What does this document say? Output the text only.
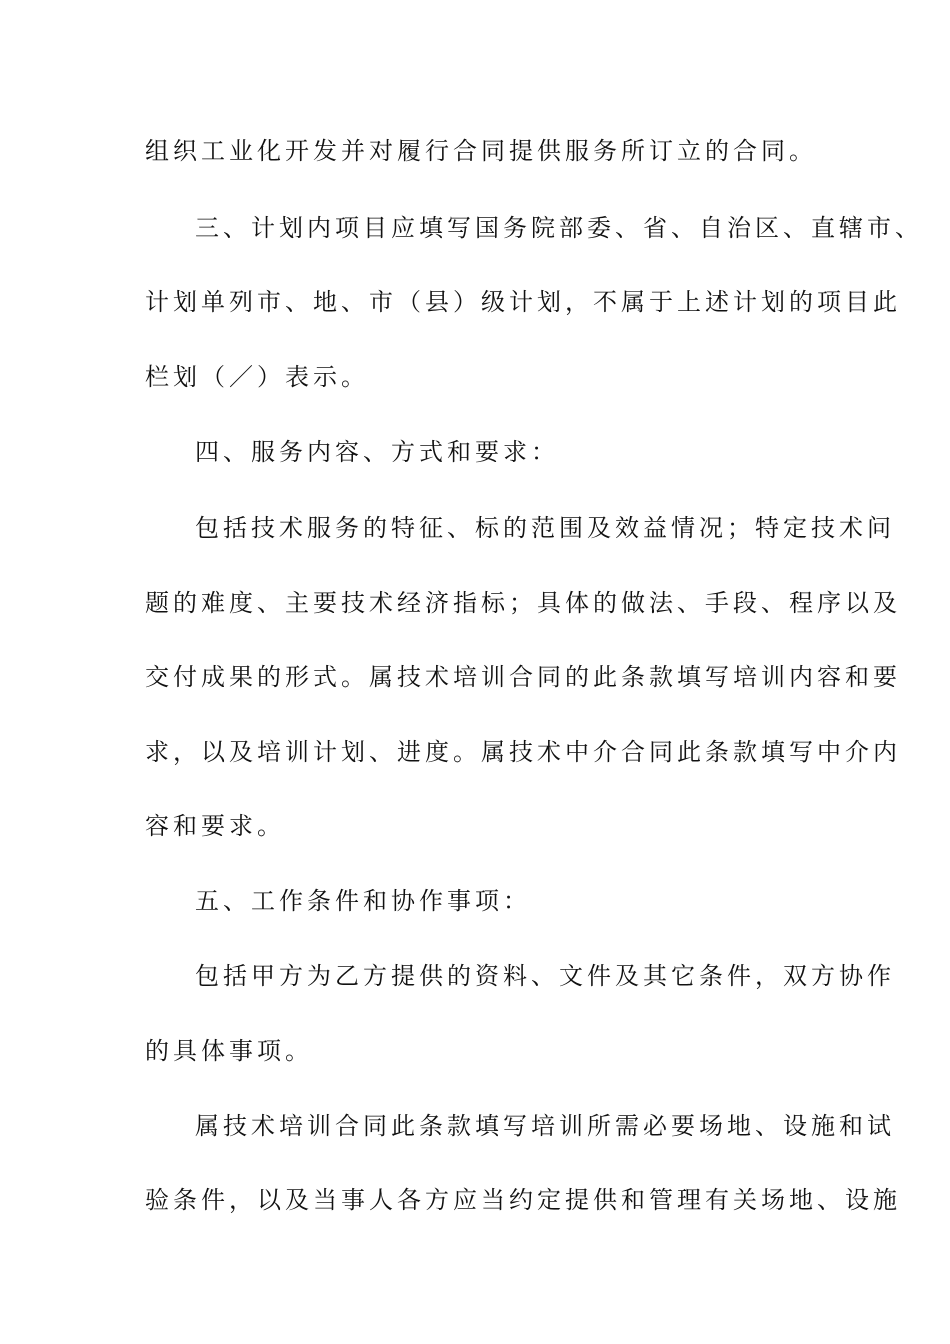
组织工业化开发并对履行合同提供服务所订立的合同。
三、计划内项目应填写国务院部委、省、自治区、直辖市、
计划单列市、地、市（县）级计划，不属于上述计划的项目此
栏划（／）表示。
四、服务内容、方式和要求：
包括技术服务的特征、标的范围及效益情况；特定技术问
题的难度、主要技术经济指标；具体的做法、手段、程序以及
交付成果的形式。属技术培训合同的此条款填写培训内容和要
求，以及培训计划、进度。属技术中介合同此条款填写中介内
容和要求。
五、工作条件和协作事项：
包括甲方为乙方提供的资料、文件及其它条件，双方协作
的具体事项。
属技术培训合同此条款填写培训所需必要场地、设施和试
验条件，以及当事人各方应当约定提供和管理有关场地、设施
